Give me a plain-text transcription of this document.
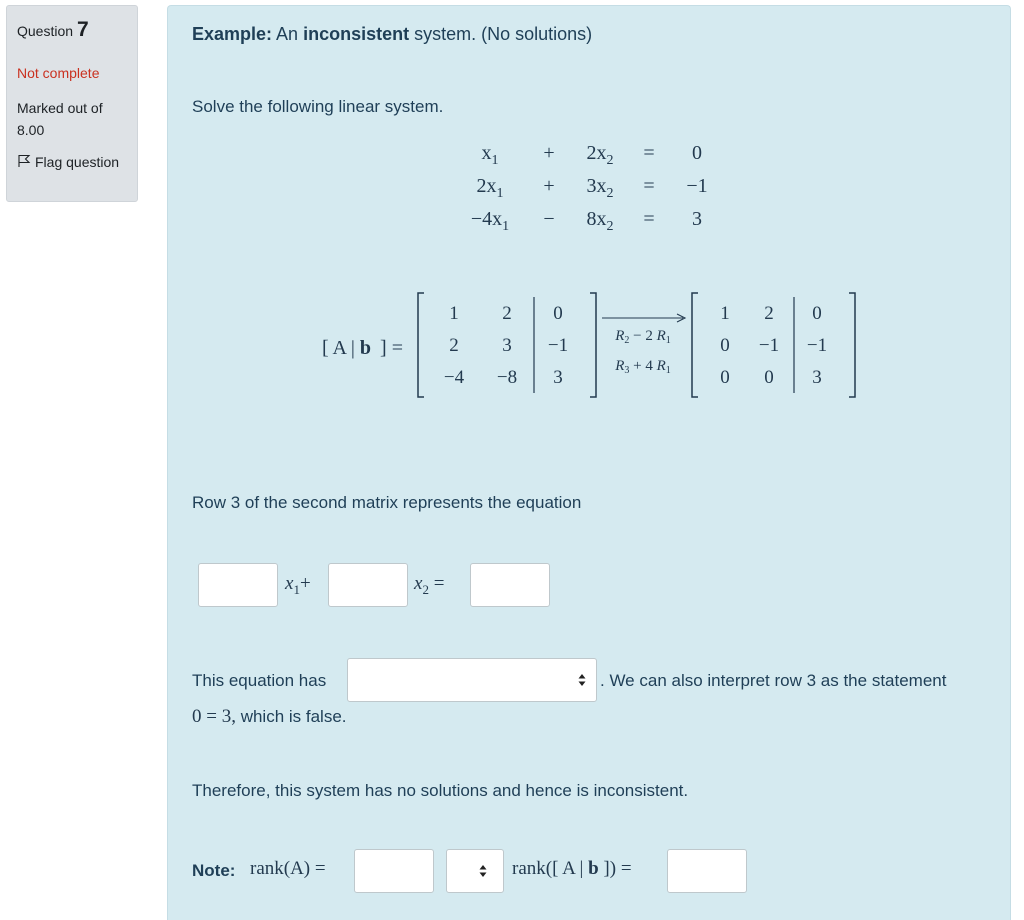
Question 7
Not complete
Marked out of 8.00
Flag question
Example: An inconsistent system. (No solutions)
Solve the following linear system.
$x_1 + 2x_2 = 0$
$2x_1 + 3x_2 = -1$
$-4x_1 - 8x_2 = 3$
[ A | b ] =
1 2 0
2 3 −1
−4 −8 3
1 2 0
0 −1 −1
0 0 3
$R_2 - 2$ $R_1$
$R_3 + 4$ $R_1$
Row 3 of the second matrix represents the equation
$x_1+$	$x_2$ =
This equation has	. We can also interpret row 3 as the statement
0 = 3, which is false.
Therefore, this system has no solutions and hence is inconsistent.
Note: rank(A) =	rank([ A | b ]) =
